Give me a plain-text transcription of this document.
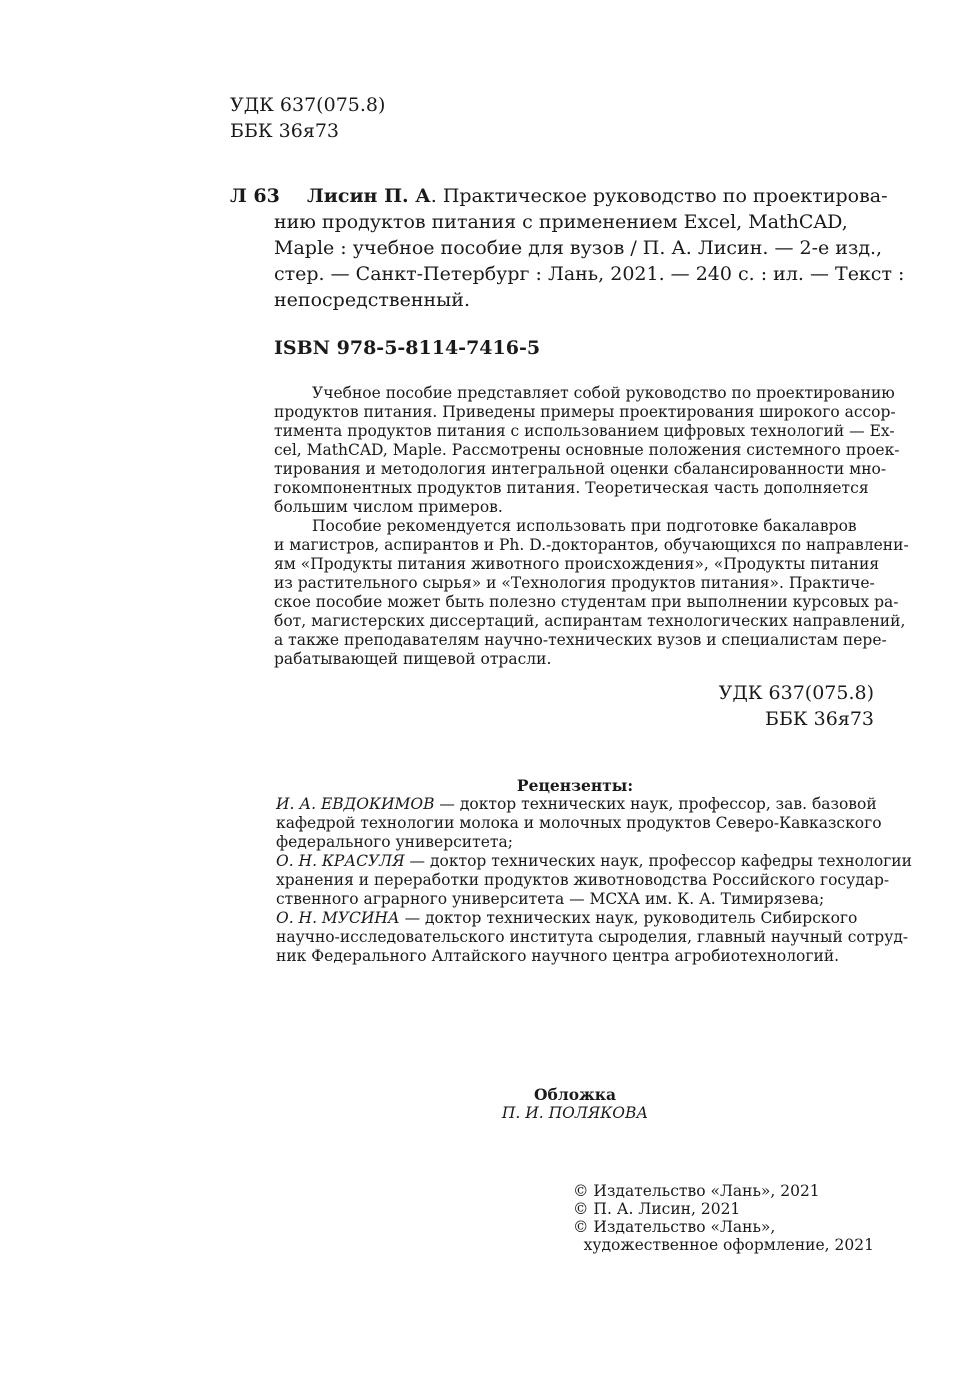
УДК 637(075.8)
ББК 36я73
Л 63 Лисин П. А. Практическое руководство по проектирова-
нию продуктов питания с применением Excel, MathCAD,
Maple : учебное пособие для вузов / П. А. Лисин. — 2-е изд.,
стер. — Санкт-Петербург : Лань, 2021. — 240 с. : ил. — Текст :
непосредственный.
ISBN 978-5-8114-7416-5
Учебное пособие представляет собой руководство по проектированию
продуктов питания. Приведены примеры проектирования широкого ассор-
тимента продуктов питания с использованием цифровых технологий — Ex-
cel, MathCAD, Maple. Рассмотрены основные положения системного проек-
тирования и методология интегральной оценки сбалансированности мно-
гокомпонентных продуктов питания. Теоретическая часть дополняется
большим числом примеров.
Пособие рекомендуется использовать при подготовке бакалавров
и магистров, аспирантов и Ph. D.-докторантов, обучающихся по направлени-
ям «Продукты питания животного происхождения», «Продукты питания
из растительного сырья» и «Технология продуктов питания». Практиче-
ское пособие может быть полезно студентам при выполнении курсовых ра-
бот, магистерских диссертаций, аспирантам технологических направлений,
а также преподавателям научно-технических вузов и специалистам пере-
рабатывающей пищевой отрасли.
УДК 637(075.8)
ББК 36я73
Рецензенты:
И. А. ЕВДОКИМОВ — доктор технических наук, профессор, зав. базовой
кафедрой технологии молока и молочных продуктов Северо-Кавказского
федерального университета;
О. Н. КРАСУЛЯ — доктор технических наук, профессор кафедры технологии
хранения и переработки продуктов животноводства Российского государ-
ственного аграрного университета — МСХА им. К. А. Тимирязева;
О. Н. МУСИНА — доктор технических наук, руководитель Сибирского
научно-исследовательского института сыроделия, главный научный сотруд-
ник Федерального Алтайского научного центра агробиотехнологий.
Обложка
П. И. ПОЛЯКОВА
© Издательство «Лань», 2021
© П. А. Лисин, 2021
© Издательство «Лань»,
художественное оформление, 2021
